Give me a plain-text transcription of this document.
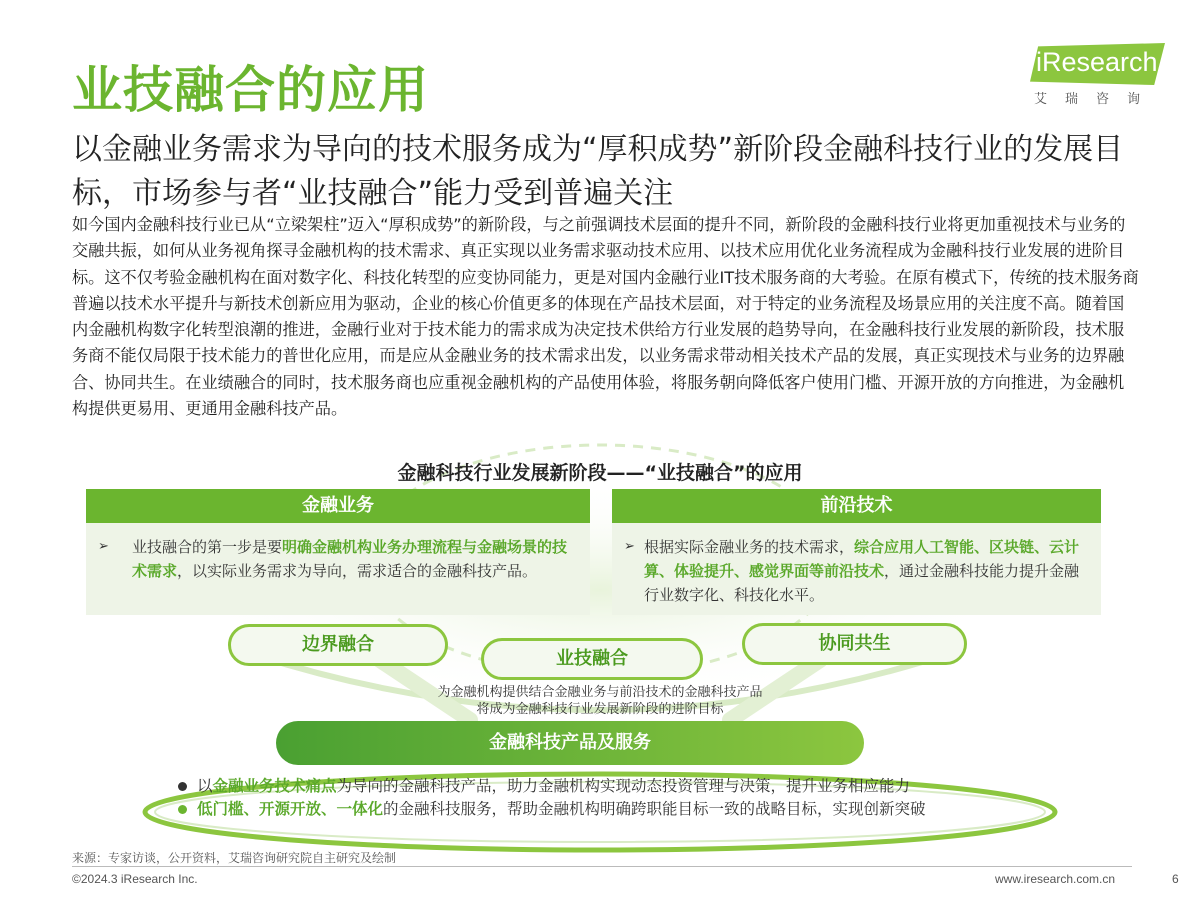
业技融合的应用	iResearch
艾瑞咨询
以金融业务需求为导向的技术服务成为“厚积成势”新阶段金融科技行业的发展目标，市场参与者“业技融合”能力受到普遍关注
如今国内金融科技行业已从“立梁架柱”迈入“厚积成势”的新阶段，与之前强调技术层面的提升不同，新阶段的金融科技行业将更加重视技术与业务的交融共振，如何从业务视角探寻金融机构的技术需求、真正实现以业务需求驱动技术应用、以技术应用优化业务流程成为金融科技行业发展的进阶目标。这不仅考验金融机构在面对数字化、科技化转型的应变协同能力，更是对国内金融行业IT技术服务商的大考验。在原有模式下，传统的技术服务商普遍以技术水平提升与新技术创新应用为驱动，企业的核心价值更多的体现在产品技术层面，对于特定的业务流程及场景应用的关注度不高。随着国内金融机构数字化转型浪潮的推进，金融行业对于技术能力的需求成为决定技术供给方行业发展的趋势导向，在金融科技行业发展的新阶段，技术服务商不能仅局限于技术能力的普世化应用，而是应从金融业务的技术需求出发，以业务需求带动相关技术产品的发展，真正实现技术与业务的边界融合、协同共生。在业绩融合的同时，技术服务商也应重视金融机构的产品使用体验，将服务朝向降低客户使用门槛、开源开放的方向推进，为金融机构提供更易用、更通用金融科技产品。
金融科技行业发展新阶段——“业技融合”的应用
金融业务
➢ 业技融合的第一步是要明确金融机构业务办理流程与金融场景的技术需求，以实际业务需求为导向，需求适合的金融科技产品。
前沿技术
➢ 根据实际金融业务的技术需求，综合应用人工智能、区块链、云计算、体验提升、感觉界面等前沿技术，通过金融科技能力提升金融行业数字化、科技化水平。
边界融合
业技融合
协同共生
为金融机构提供结合金融业务与前沿技术的金融科技产品
将成为金融科技行业发展新阶段的进阶目标
金融科技产品及服务
以金融业务技术痛点为导向的金融科技产品，助力金融机构实现动态投资管理与决策，提升业务相应能力
低门槛、开源开放、一体化的金融科技服务，帮助金融机构明确跨职能目标一致的战略目标，实现创新突破
来源：专家访谈，公开资料，艾瑞咨询研究院自主研究及绘制
©2024.3 iResearch Inc.	www.iresearch.com.cn	6
